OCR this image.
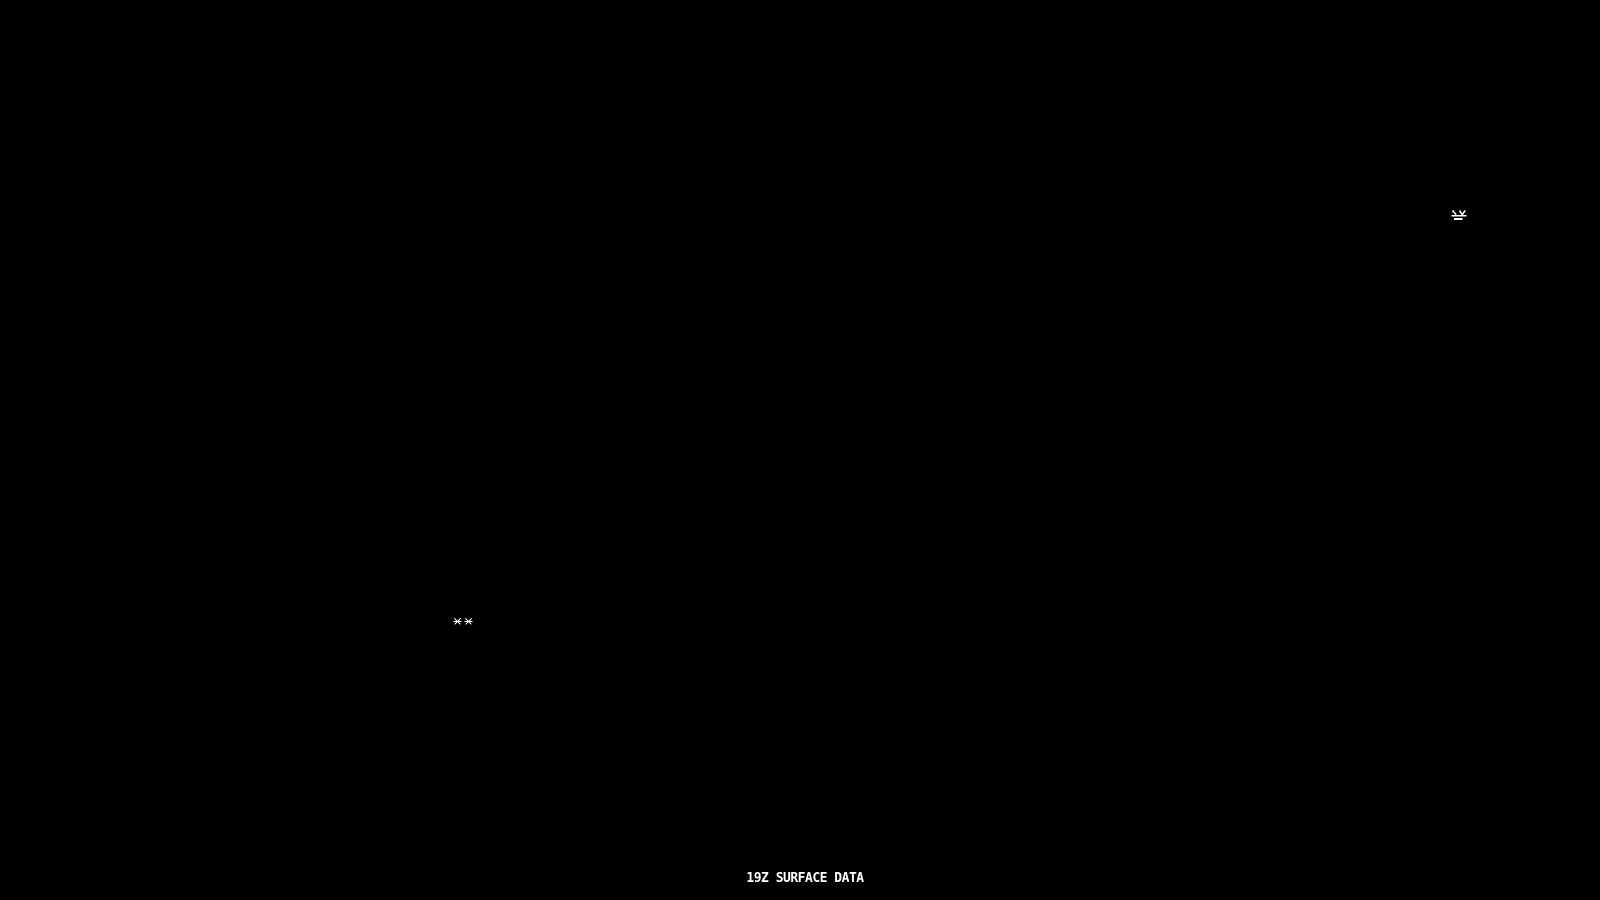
19Z SURFACE DATA
